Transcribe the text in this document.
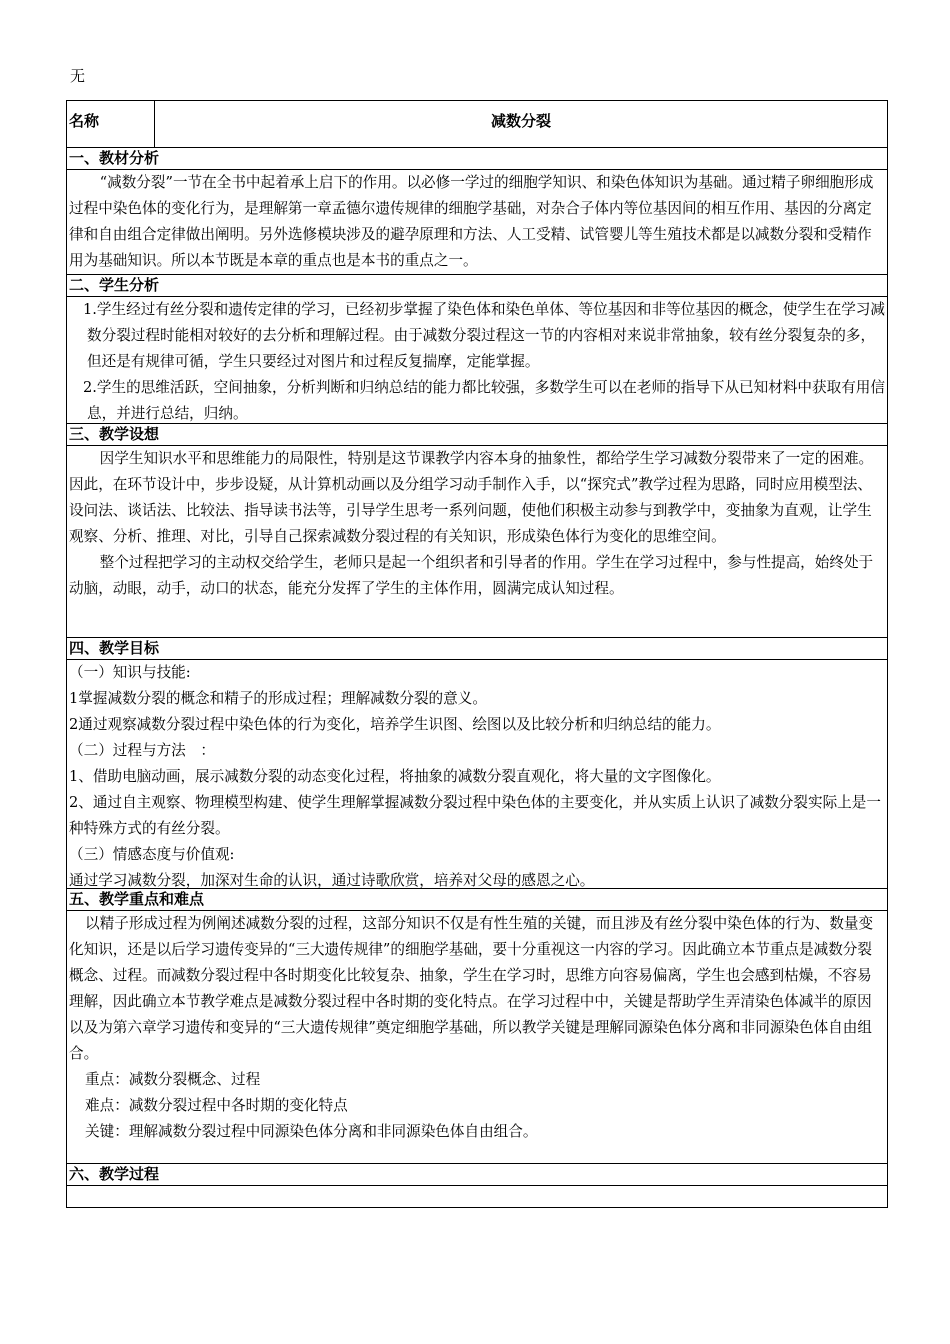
无
名称	减数分裂
一、教材分析

“减数分裂”一节在全书中起着承上启下的作用。以必修一学过的细胞学知识、和染色体知识为基础。通过精子卵细胞形成过程中染色体的变化行为，是理解第一章孟德尔遗传规律的细胞学基础，对杂合子体内等位基因间的相互作用、基因的分离定律和自由组合定律做出阐明。另外选修模块涉及的避孕原理和方法、人工受精、试管婴儿等生殖技术都是以减数分裂和受精作用为基础知识。所以本节既是本章的重点也是本书的重点之一。

二、学生分析

1.学生经过有丝分裂和遗传定律的学习，已经初步掌握了染色体和染色单体、等位基因和非等位基因的概念，使学生在学习减数分裂过程时能相对较好的去分析和理解过程。由于减数分裂过程这一节的内容相对来说非常抽象，较有丝分裂复杂的多，但还是有规律可循，学生只要经过对图片和过程反复揣摩，定能掌握。

2.学生的思维活跃，空间抽象，分析判断和归纳总结的能力都比较强，多数学生可以在老师的指导下从已知材料中获取有用信息，并进行总结，归纳。

三、教学设想

因学生知识水平和思维能力的局限性，特别是这节课教学内容本身的抽象性，都给学生学习减数分裂带来了一定的困难。因此，在环节设计中，步步设疑，从计算机动画以及分组学习动手制作入手，以“探究式”教学过程为思路，同时应用模型法、设问法、谈话法、比较法、指导读书法等，引导学生思考一系列问题，使他们积极主动参与到教学中，变抽象为直观，让学生观察、分析、推理、对比，引导自己探索减数分裂过程的有关知识，形成染色体行为变化的思维空间。

整个过程把学习的主动权交给学生，老师只是起一个组织者和引导者的作用。学生在学习过程中，参与性提高，始终处于动脑，动眼，动手，动口的状态，能充分发挥了学生的主体作用，圆满完成认知过程。

四、教学目标

（一）知识与技能:

1掌握减数分裂的概念和精子的形成过程；理解减数分裂的意义。

2通过观察减数分裂过程中染色体的行为变化，培养学生识图、绘图以及比较分析和归纳总结的能力。

（二）过程与方法　：

1、借助电脑动画，展示减数分裂的动态变化过程，将抽象的减数分裂直观化，将大量的文字图像化。

2、通过自主观察、物理模型构建、使学生理解掌握减数分裂过程中染色体的主要变化，并从实质上认识了减数分裂实际上是一种特殊方式的有丝分裂。

（三）情感态度与价值观:

通过学习减数分裂，加深对生命的认识，通过诗歌欣赏，培养对父母的感恩之心。

五、教学重点和难点

以精子形成过程为例阐述减数分裂的过程，这部分知识不仅是有性生殖的关键，而且涉及有丝分裂中染色体的行为、数量变化知识，还是以后学习遗传变异的“三大遗传规律”的细胞学基础，要十分重视这一内容的学习。因此确立本节重点是减数分裂概念、过程。而减数分裂过程中各时期变化比较复杂、抽象，学生在学习时，思维方向容易偏离，学生也会感到枯燥，不容易理解，因此确立本节教学难点是减数分裂过程中各时期的变化特点。在学习过程中中，关键是帮助学生弄清染色体减半的原因以及为第六章学习遗传和变异的“三大遗传规律”奠定细胞学基础，所以教学关键是理解同源染色体分离和非同源染色体自由组合。

重点：减数分裂概念、过程

难点：减数分裂过程中各时期的变化特点

关键：理解减数分裂过程中同源染色体分离和非同源染色体自由组合。

六、教学过程
